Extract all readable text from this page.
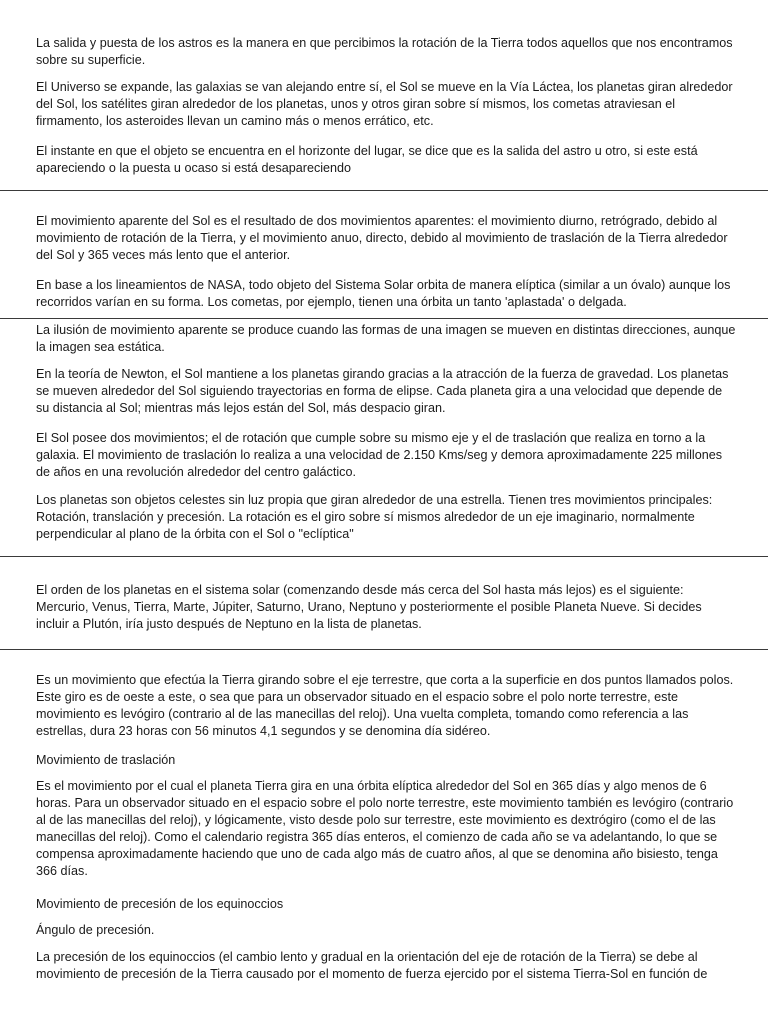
La salida y puesta de los astros es la manera en que percibimos la rotación de la Tierra todos aquellos que nos encontramos sobre su superficie.

El Universo se expande, las galaxias se van alejando entre sí, el Sol se mueve en la Vía Láctea, los planetas giran alrededor del Sol, los satélites giran alrededor de los planetas, unos y otros giran sobre sí mismos, los cometas atraviesan el firmamento, los asteroides llevan un camino más o menos errático, etc.

El instante en que el objeto se encuentra en el horizonte del lugar, se dice que es la salida del astro u otro, si este está apareciendo o la puesta u ocaso si está desapareciendo

El movimiento aparente del Sol es el resultado de dos movimientos aparentes: el movimiento diurno, retrógrado, debido al movimiento de rotación de la Tierra, y el movimiento anuo, directo, debido al movimiento de traslación de la Tierra alrededor del Sol y 365 veces más lento que el anterior.

En base a los lineamientos de NASA, todo objeto del Sistema Solar orbita de manera elíptica (similar a un óvalo) aunque los recorridos varían en su forma. Los cometas, por ejemplo, tienen una órbita un tanto 'aplastada' o delgada.

La ilusión de movimiento aparente se produce cuando las formas de una imagen se mueven en distintas direcciones, aunque la imagen sea estática.

En la teoría de Newton, el Sol mantiene a los planetas girando gracias a la atracción de la fuerza de gravedad. Los planetas se mueven alrededor del Sol siguiendo trayectorias en forma de elipse. Cada planeta gira a una velocidad que depende de su distancia al Sol; mientras más lejos están del Sol, más despacio giran.

El Sol posee dos movimientos; el de rotación que cumple sobre su mismo eje y el de traslación que realiza en torno a la galaxia. El movimiento de traslación lo realiza a una velocidad de 2.150 Kms/seg y demora aproximadamente 225 millones de años en una revolución alrededor del centro galáctico.

Los planetas son objetos celestes sin luz propia que giran alrededor de una estrella. Tienen tres movimientos principales: Rotación, translación y precesión. La rotación es el giro sobre sí mismos alrededor de un eje imaginario, normalmente perpendicular al plano de la órbita con el Sol o "eclíptica"

El orden de los planetas en el sistema solar (comenzando desde más cerca del Sol hasta más lejos) es el siguiente: Mercurio, Venus, Tierra, Marte, Júpiter, Saturno, Urano, Neptuno y posteriormente el posible Planeta Nueve. Si decides incluir a Plutón, iría justo después de Neptuno en la lista de planetas.

Es un movimiento que efectúa la Tierra girando sobre el eje terrestre, que corta a la superficie en dos puntos llamados polos. Este giro es de oeste a este, o sea que para un observador situado en el espacio sobre el polo norte terrestre, este movimiento es levógiro (contrario al de las manecillas del reloj). Una vuelta completa, tomando como referencia a las estrellas, dura 23 horas con 56 minutos 4,1 segundos y se denomina día sidéreo.

Movimiento de traslación

Es el movimiento por el cual el planeta Tierra gira en una órbita elíptica alrededor del Sol en 365 días y algo menos de 6 horas. Para un observador situado en el espacio sobre el polo norte terrestre, este movimiento también es levógiro (contrario al de las manecillas del reloj), y lógicamente, visto desde polo sur terrestre, este movimiento es dextrógiro (como el de las manecillas del reloj). Como el calendario registra 365 días enteros, el comienzo de cada año se va adelantando, lo que se compensa aproximadamente haciendo que uno de cada algo más de cuatro años, al que se denomina año bisiesto, tenga 366 días.

Movimiento de precesión de los equinoccios

Ángulo de precesión.

La precesión de los equinoccios (el cambio lento y gradual en la orientación del eje de rotación de la Tierra) se debe al movimiento de precesión de la Tierra causado por el momento de fuerza ejercido por el sistema Tierra-Sol en función de
